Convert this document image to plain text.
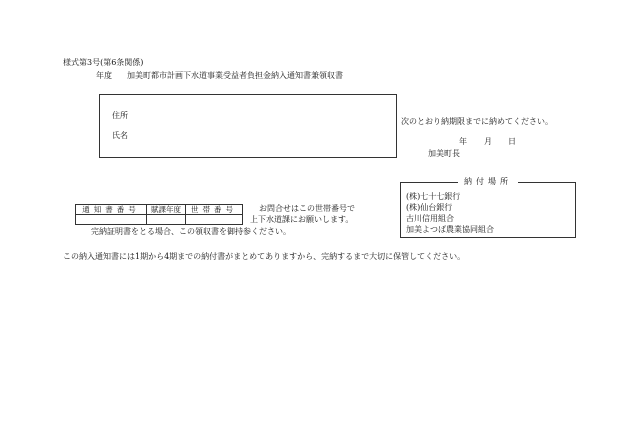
様式第3号(第6条関係)
年度 加美町都市計画下水道事業受益者負担金納入通知書兼領収書
住所
氏名
次のとおり納期限までに納めてください。
年 月 日
加美町長
納付場所
(株)七十七銀行
(株)仙台銀行
古川信用組合
加美よつば農業協同組合
通知書番号	賦課年度	世帯番号
			お問合せはこの世帯番号で
上下水道課にお願いします。
完納証明書をとる場合、この領収書を御持参ください。
この納入通知書には1期から4期までの納付書がまとめてありますから、完納するまで大切に保管してください。
